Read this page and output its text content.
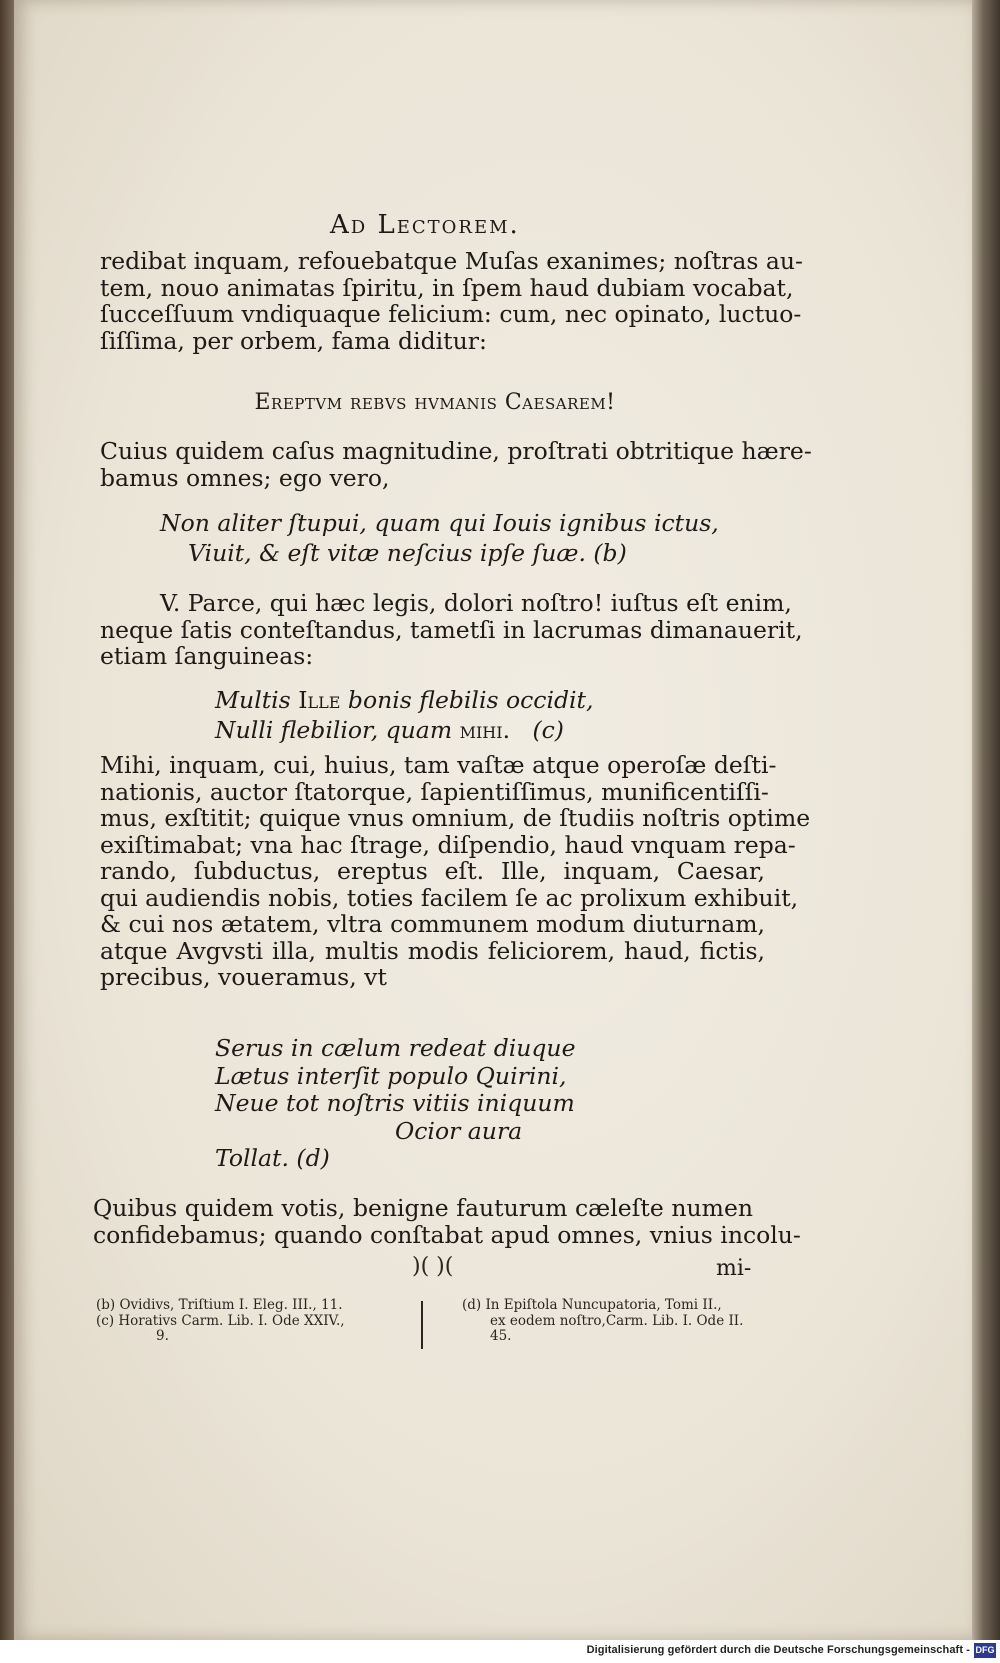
Ad Lectorem.
redibat inquam, refouebatque Muſas exanimes; noſtras au-
tem, nouo animatas ſpiritu, in ſpem haud dubiam vocabat,
ſucceſſuum vndiquaque felicium: cum, nec opinato, luctuo-
ſiſſima, per orbem, fama diditur:
Ereptvm rebvs hvmanis Caesarem!
Cuius quidem caſus magnitudine, proſtrati obtritique hære-
bamus omnes; ego vero,
Non aliter ſtupui, quam qui Iouis ignibus ictus,
Viuit, & eſt vitæ neſcius ipſe ſuæ. (b)
V. Parce, qui hæc legis, dolori noſtro! iuſtus eſt enim,
neque ſatis conteſtandus, tametſi in lacrumas dimanauerit,
etiam ſanguineas:
Multis Ille bonis flebilis occidit,
Nulli flebilior, quam mihi. (c)
Mihi, inquam, cui, huius, tam vaſtæ atque operoſæ deſti-
nationis, auctor ſtatorque, ſapientiſſimus, munificentiſſi-
mus, exſtitit; quique vnus omnium, de ſtudiis noſtris optime
exiſtimabat; vna hac ſtrage, diſpendio, haud vnquam repa-
rando, ſubductus, ereptus eſt. Ille, inquam, Caesar,
qui audiendis nobis, toties facilem ſe ac prolixum exhibuit,
& cui nos ætatem, vltra communem modum diuturnam,
atque Avgvsti illa, multis modis feliciorem, haud, fictis,
precibus, voueramus, vt
Serus in cælum redeat diuque
Lætus interſit populo Quirini,
Neue tot noſtris vitiis iniquum
Ocior aura
Tollat. (d)
Quibus quidem votis, benigne fauturum cæleſte numen
confidebamus; quando conſtabat apud omnes, vnius incolu-
)( )(	mi-
(b) Ovidivs, Triſtium I. Eleg. III., 11.
(c) Horativs Carm. Lib. I. Ode XXIV.,
9.
(d) In Epiſtola Nuncupatoria, Tomi II.,
ex eodem noſtro,Carm. Lib. I. Ode II.
45.
Digitalisierung gefördert durch die Deutsche Forschungsgemeinschaft - DFG
